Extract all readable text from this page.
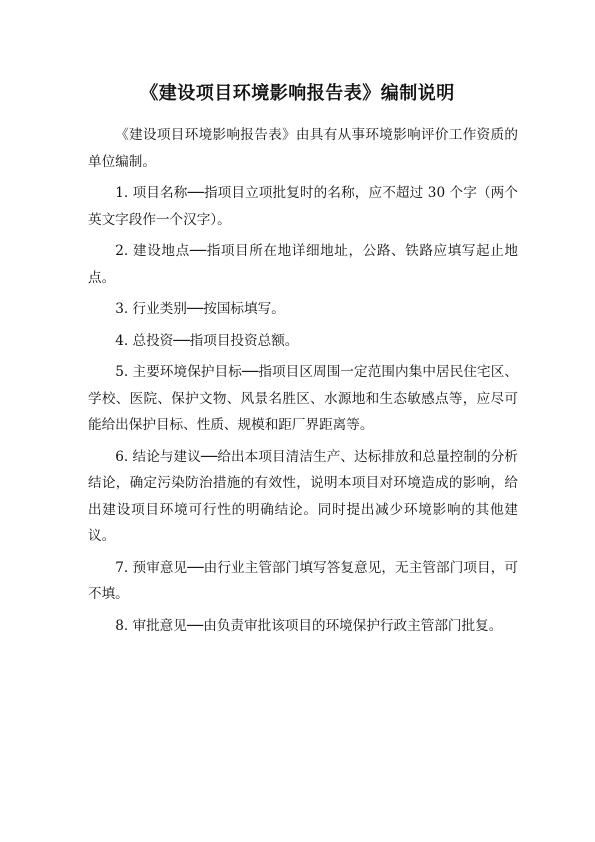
《建设项目环境影响报告表》编制说明

《建设项目环境影响报告表》由具有从事环境影响评价工作资质的单位编制。

1. 项目名称──指项目立项批复时的名称，应不超过 30 个字（两个英文字段作一个汉字）。

2. 建设地点──指项目所在地详细地址，公路、铁路应填写起止地点。

3. 行业类别──按国标填写。

4. 总投资──指项目投资总额。

5. 主要环境保护目标──指项目区周围一定范围内集中居民住宅区、学校、医院、保护文物、风景名胜区、水源地和生态敏感点等，应尽可能给出保护目标、性质、规模和距厂界距离等。

6. 结论与建议──给出本项目清洁生产、达标排放和总量控制的分析结论，确定污染防治措施的有效性，说明本项目对环境造成的影响，给出建设项目环境可行性的明确结论。同时提出减少环境影响的其他建议。

7. 预审意见──由行业主管部门填写答复意见，无主管部门项目，可不填。

8. 审批意见──由负责审批该项目的环境保护行政主管部门批复。
